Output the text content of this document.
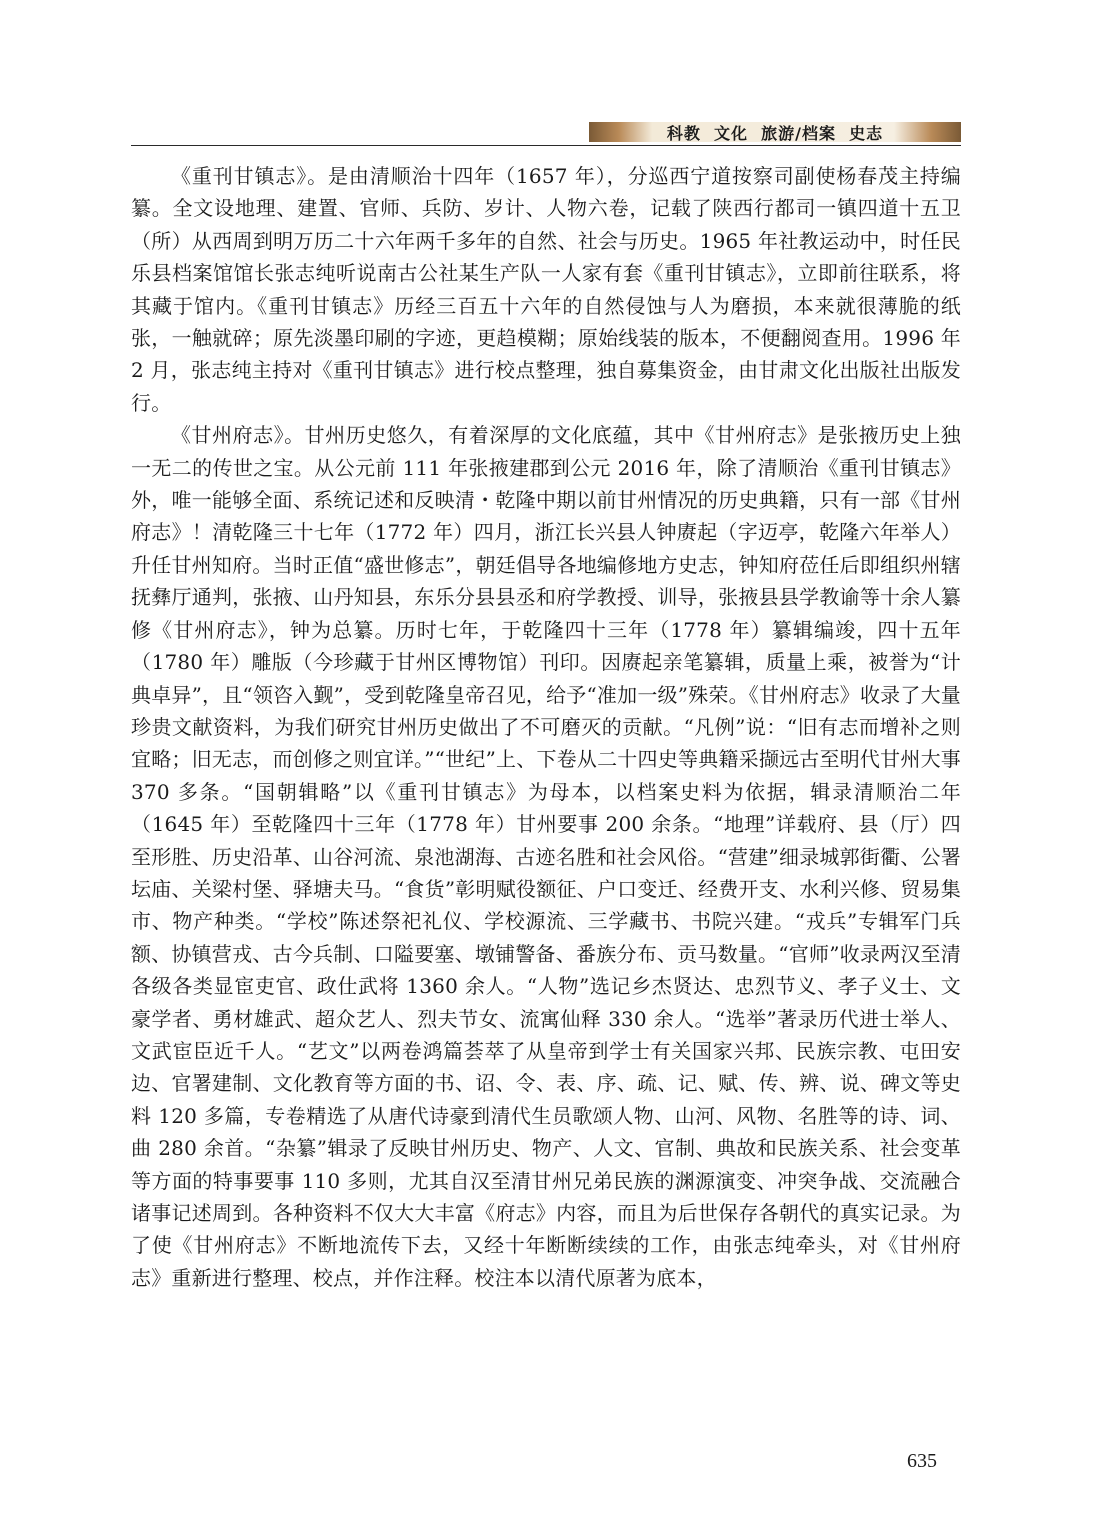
科教  文化  旅游/档案  史志

《重刊甘镇志》。是由清顺治十四年（1657 年），分巡西宁道按察司副使杨春茂主持编纂。全文设地理、建置、官师、兵防、岁计、人物六卷，记载了陕西行都司一镇四道十五卫（所）从西周到明万历二十六年两千多年的自然、社会与历史。1965 年社教运动中，时任民乐县档案馆馆长张志纯听说南古公社某生产队一人家有套《重刊甘镇志》，立即前往联系，将其藏于馆内。《重刊甘镇志》历经三百五十六年的自然侵蚀与人为磨损，本来就很薄脆的纸张，一触就碎；原先淡墨印刷的字迹，更趋模糊；原始线装的版本，不便翻阅查用。1996 年 2 月，张志纯主持对《重刊甘镇志》进行校点整理，独自募集资金，由甘肃文化出版社出版发行。

《甘州府志》。甘州历史悠久，有着深厚的文化底蕴，其中《甘州府志》是张掖历史上独一无二的传世之宝。从公元前 111 年张掖建郡到公元 2016 年，除了清顺治《重刊甘镇志》外，唯一能够全面、系统记述和反映清・乾隆中期以前甘州情况的历史典籍，只有一部《甘州府志》！清乾隆三十七年（1772 年）四月，浙江长兴县人钟赓起（字迈亭，乾隆六年举人）升任甘州知府。当时正值“盛世修志”，朝廷倡导各地编修地方史志，钟知府莅任后即组织州辖抚彝厅通判，张掖、山丹知县，东乐分县县丞和府学教授、训导，张掖县县学教谕等十余人纂修《甘州府志》，钟为总纂。历时七年，于乾隆四十三年（1778 年）纂辑编竣，四十五年（1780 年）雕版（今珍藏于甘州区博物馆）刊印。因赓起亲笔纂辑，质量上乘，被誉为“计典卓异”，且“领咨入觐”，受到乾隆皇帝召见，给予“准加一级”殊荣。《甘州府志》收录了大量珍贵文献资料，为我们研究甘州历史做出了不可磨灭的贡献。“凡例”说：“旧有志而增补之则宜略；旧无志，而创修之则宜详。”“世纪”上、下卷从二十四史等典籍采撷远古至明代甘州大事 370 多条。“国朝辑略”以《重刊甘镇志》为母本，以档案史料为依据，辑录清顺治二年（1645 年）至乾隆四十三年（1778 年）甘州要事 200 余条。“地理”详载府、县（厅）四至形胜、历史沿革、山谷河流、泉池湖海、古迹名胜和社会风俗。“营建”细录城郭街衢、公署坛庙、关梁村堡、驿塘夫马。“食货”彰明赋役额征、户口变迁、经费开支、水利兴修、贸易集市、物产种类。“学校”陈述祭祀礼仪、学校源流、三学藏书、书院兴建。“戎兵”专辑军门兵额、协镇营戎、古今兵制、口隘要塞、墩铺警备、番族分布、贡马数量。“官师”收录两汉至清各级各类显宦吏官、政仕武将 1360 余人。“人物”选记乡杰贤达、忠烈节义、孝子义士、文豪学者、勇材雄武、超众艺人、烈夫节女、流寓仙释 330 余人。“选举”著录历代进士举人、文武宦臣近千人。“艺文”以两卷鸿篇荟萃了从皇帝到学士有关国家兴邦、民族宗教、屯田安边、官署建制、文化教育等方面的书、诏、令、表、序、疏、记、赋、传、辨、说、碑文等史料 120 多篇，专卷精选了从唐代诗豪到清代生员歌颂人物、山河、风物、名胜等的诗、词、曲 280 余首。“杂纂”辑录了反映甘州历史、物产、人文、官制、典故和民族关系、社会变革等方面的特事要事 110 多则，尤其自汉至清甘州兄弟民族的渊源演变、冲突争战、交流融合诸事记述周到。各种资料不仅大大丰富《府志》内容，而且为后世保存各朝代的真实记录。为了使《甘州府志》不断地流传下去，又经十年断断续续的工作，由张志纯牵头，对《甘州府志》重新进行整理、校点，并作注释。校注本以清代原著为底本，

635
